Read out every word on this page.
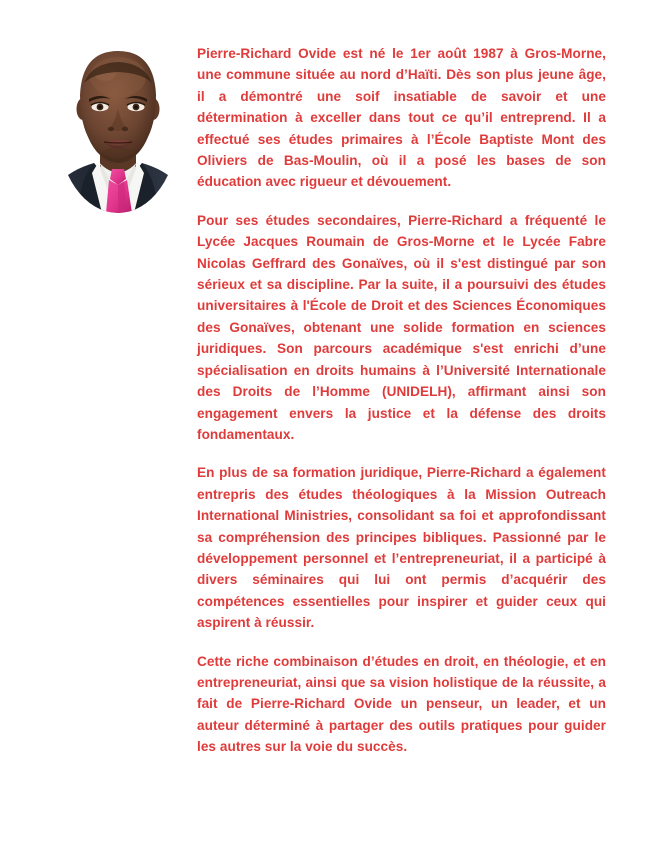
Pierre-Richard Ovide est né le 1er août 1987 à Gros-Morne, une commune située au nord d’Haïti. Dès son plus jeune âge, il a démontré une soif insatiable de savoir et une détermination à exceller dans tout ce qu’il entreprend. Il a effectué ses études primaires à l’École Baptiste Mont des Oliviers de Bas-Moulin, où il a posé les bases de son éducation avec rigueur et dévouement.

Pour ses études secondaires, Pierre-Richard a fréquenté le Lycée Jacques Roumain de Gros-Morne et le Lycée Fabre Nicolas Geffrard des Gonaïves, où il s'est distingué par son sérieux et sa discipline. Par la suite, il a poursuivi des études universitaires à l'École de Droit et des Sciences Économiques des Gonaïves, obtenant une solide formation en sciences juridiques. Son parcours académique s'est enrichi d’une spécialisation en droits humains à l’Université Internationale des Droits de l’Homme (UNIDELH), affirmant ainsi son engagement envers la justice et la défense des droits fondamentaux.

En plus de sa formation juridique, Pierre-Richard a également entrepris des études théologiques à la Mission Outreach International Ministries, consolidant sa foi et approfondissant sa compréhension des principes bibliques. Passionné par le développement personnel et l’entrepreneuriat, il a participé à divers séminaires qui lui ont permis d’acquérir des compétences essentielles pour inspirer et guider ceux qui aspirent à réussir.

Cette riche combinaison d’études en droit, en théologie, et en entrepreneuriat, ainsi que sa vision holistique de la réussite, a fait de Pierre-Richard Ovide un penseur, un leader, et un auteur déterminé à partager des outils pratiques pour guider les autres sur la voie du succès.
